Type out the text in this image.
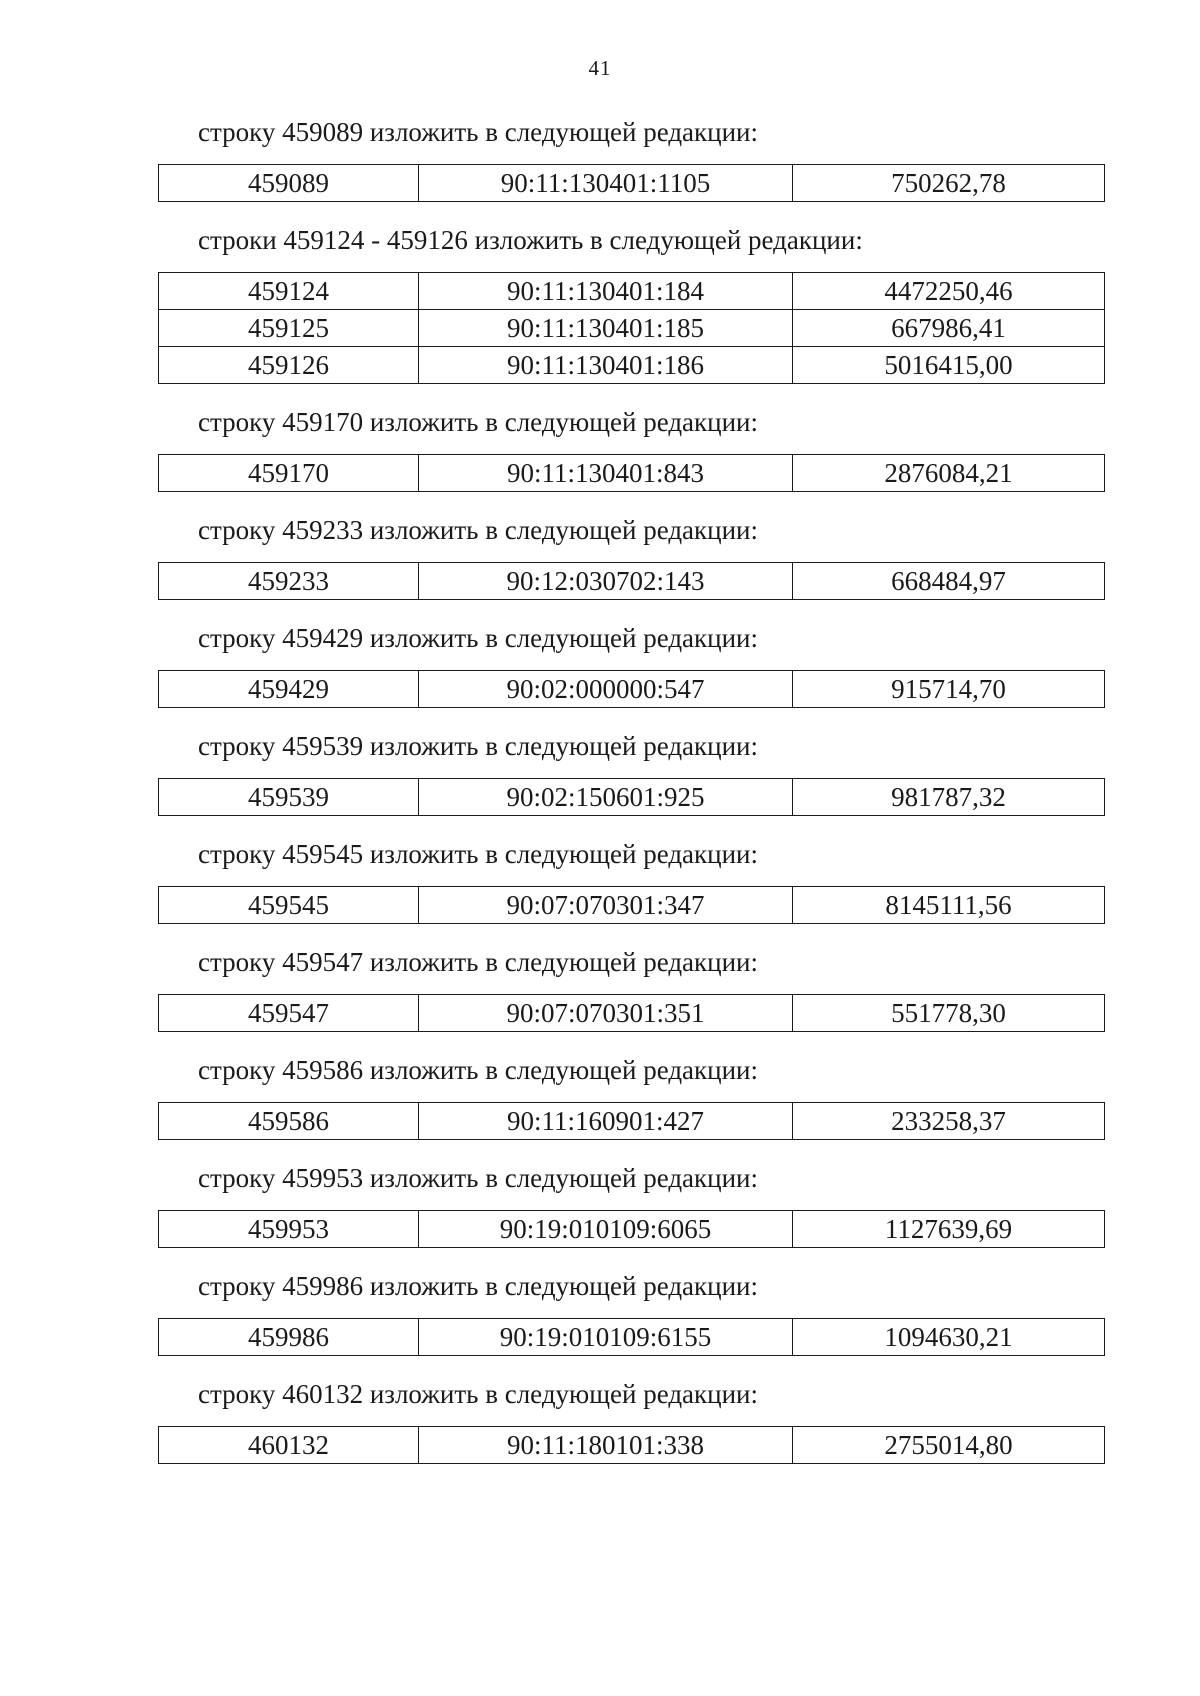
41
строку 459089 изложить в следующей редакции:
459089	90:11:130401:1105	750262,78
строки 459124 - 459126 изложить в следующей редакции:
459124	90:11:130401:184	4472250,46
459125	90:11:130401:185	667986,41
459126	90:11:130401:186	5016415,00
строку 459170 изложить в следующей редакции:
459170	90:11:130401:843	2876084,21
строку 459233 изложить в следующей редакции:
459233	90:12:030702:143	668484,97
строку 459429 изложить в следующей редакции:
459429	90:02:000000:547	915714,70
строку 459539 изложить в следующей редакции:
459539	90:02:150601:925	981787,32
строку 459545 изложить в следующей редакции:
459545	90:07:070301:347	8145111,56
строку 459547 изложить в следующей редакции:
459547	90:07:070301:351	551778,30
строку 459586 изложить в следующей редакции:
459586	90:11:160901:427	233258,37
строку 459953 изложить в следующей редакции:
459953	90:19:010109:6065	1127639,69
строку 459986 изложить в следующей редакции:
459986	90:19:010109:6155	1094630,21
строку 460132 изложить в следующей редакции:
460132	90:11:180101:338	2755014,80
